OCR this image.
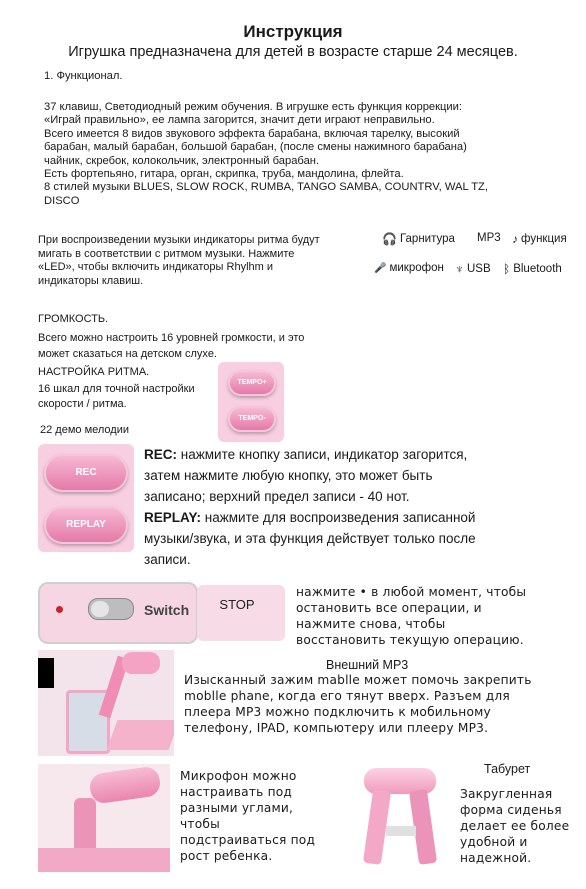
Инструкция
Игрушка предназначена для детей в возрасте старше 24 месяцев.
1. Функционал.
37 клавиш, Светодиодный режим обучения. В игрушке есть функция коррекции:
«Играй правильно», ее лампа загорится, значит дети играют неправильно.
Всего имеется 8 видов звукового эффекта барабана, включая тарелку, высокий
барабан, малый барабан, большой барабан, (после смены нажимного барабана)
чайник, скребок, колокольчик, электронный барабан.
Есть фортепьяно, гитара, орган, скрипка, труба, мандолина, флейта.
8 стилей музыки BLUES, SLOW ROCK, RUMBA, TANGO SAMBA, COUNTRV, WAL TZ,
DISCO
При воспроизведении музыки индикаторы ритма будут
мигать в соответствии с ритмом музыки. Нажмите
«LED», чтобы включить индикаторы Rhylhm и
индикаторы клавиш.
🎧 Гарнитура MP3 ♪ функция
🎤 микрофон ♆ USB ᛒ Bluetooth
ГРОМКОСТЬ.
Всего можно настроить 16 уровней громкости, и это
может сказаться на детском слухе.
НАСТРОЙКА РИТМА.
16 шкал для точной настройки
скорости / ритма.
TEMPO+
TEMPO-
22 демо мелодии
REC
REPLAY
REC: нажмите кнопку записи, индикатор загорится,
затем нажмите любую кнопку, это может быть
записано; верхний предел записи - 40 нот.
REPLAY: нажмите для воспроизведения записанной
музыки/звука, и эта функция действует только после
записи.
Switch	STOP
нажмите • в любой момент, чтобы
остановить все операции, и
нажмите снова, чтобы
восстановить текущую операцию.
Внешний MP3
Изысканный зажим mablle может помочь закрепить
moblle phane, когда его тянут вверх. Разъем для
плеера MP3 можно подключить к мобильному
телефону, IPAD, компьютеру или плееру MP3.
Микрофон можно
настраивать под
разными углами,
чтобы
подстраиваться под
рост ребенка.
Табурет
Закругленная
форма сиденья
делает ее более
удобной и
надежной.
